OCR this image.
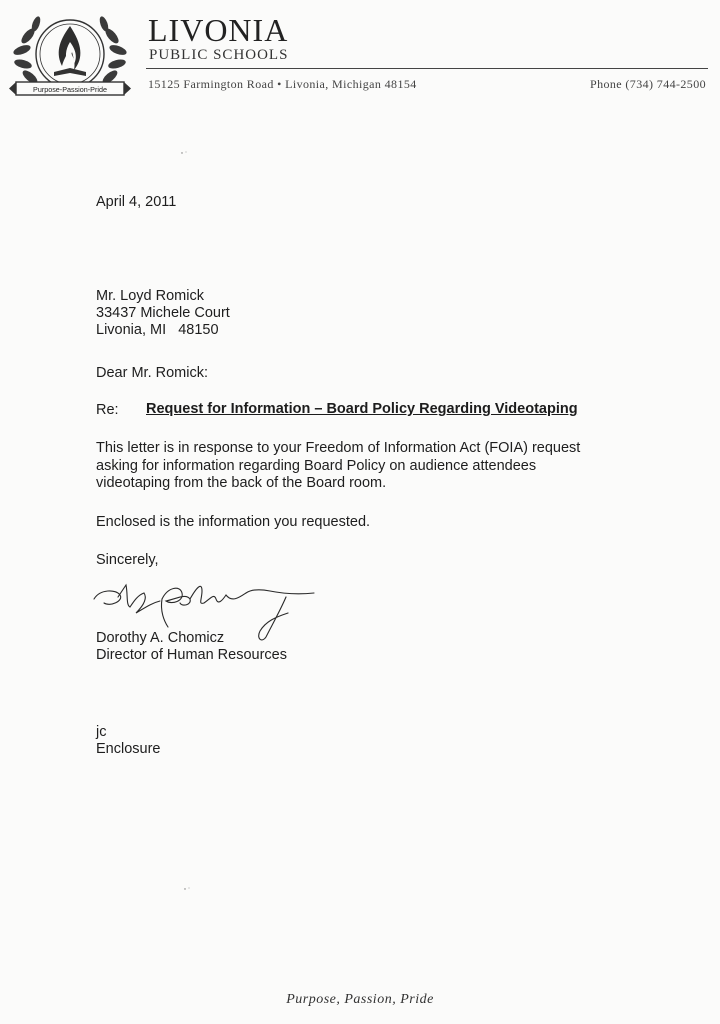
Purpose-Passion-Pride
LIVONIA
PUBLIC SCHOOLS
15125 Farmington Road • Livonia, Michigan 48154	Phone (734) 744-2500
April 4, 2011
Mr. Loyd Romick
33437 Michele Court
Livonia, MI   48150
Dear Mr. Romick:
Re: Request for Information – Board Policy Regarding Videotaping
This letter is in response to your Freedom of Information Act (FOIA) request
asking for information regarding Board Policy on audience attendees
videotaping from the back of the Board room.
Enclosed is the information you requested.
Sincerely,
Dorothy A. Chomicz
Director of Human Resources
jc
Enclosure
Purpose, Passion, Pride
